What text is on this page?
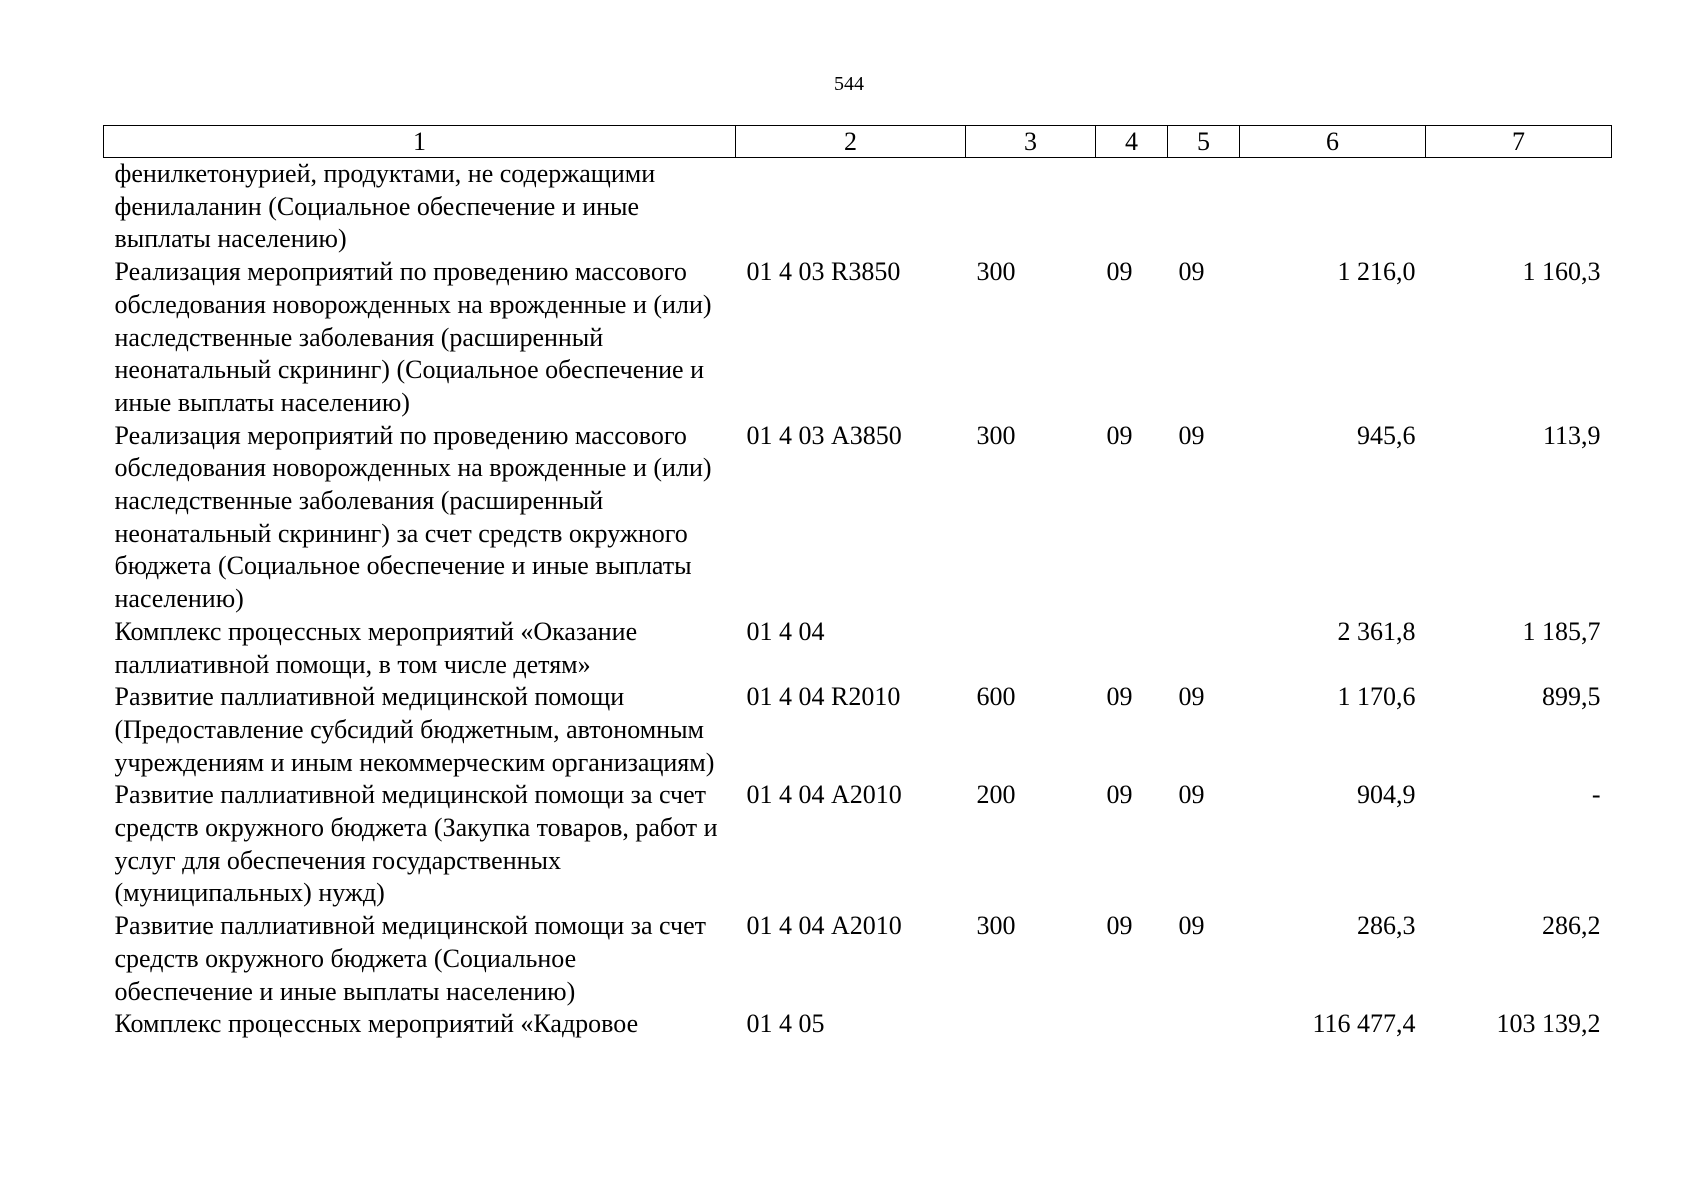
544
1	2	3	4	5	6	7
фенилкетонурией, продуктами, не содержащими фенилаланин (Социальное обеспечение и иные выплаты населению)						
Реализация мероприятий по проведению массового обследования новорожденных на врожденные и (или) наследственные заболевания (расширенный неонатальный скрининг) (Социальное обеспечение и иные выплаты населению)	01 4 03 R3850	300	09	09	1 216,0	1 160,3
Реализация мероприятий по проведению массового обследования новорожденных на врожденные и (или) наследственные заболевания (расширенный неонатальный скрининг) за счет средств окружного бюджета (Социальное обеспечение и иные выплаты населению)	01 4 03 А3850	300	09	09	945,6	113,9
Комплекс процессных мероприятий «Оказание паллиативной помощи, в том числе детям»	01 4 04				2 361,8	1 185,7
Развитие паллиативной медицинской помощи (Предоставление субсидий бюджетным, автономным учреждениям и иным некоммерческим организациям)	01 4 04 R2010	600	09	09	1 170,6	899,5
Развитие паллиативной медицинской помощи за счет средств окружного бюджета (Закупка товаров, работ и услуг для обеспечения государственных (муниципальных) нужд)	01 4 04 А2010	200	09	09	904,9	-
Развитие паллиативной медицинской помощи за счет средств окружного бюджета (Социальное обеспечение и иные выплаты населению)	01 4 04 А2010	300	09	09	286,3	286,2
Комплекс процессных мероприятий «Кадровое	01 4 05				116 477,4	103 139,2
